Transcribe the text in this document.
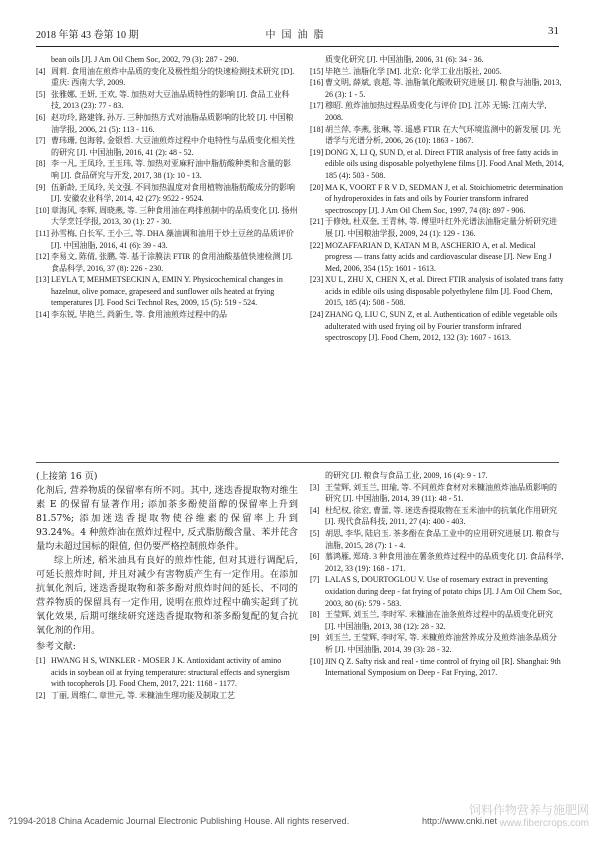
2018 年第 43 卷第 10 期	中国油脂	31
bean oils [J]. J Am Oil Chem Soc, 2002, 79 (3): 287 - 290.
[4] 周莉. 食用油在煎炸中品质的变化及极性组分的快速检测技术研究 [D]. 重庆: 西南大学, 2009.
[5] 张雅娜, 王妍, 王欢, 等. 加热对大豆油品质特性的影响 [J]. 食品工业科技, 2013 (23): 77 - 83.
[6] 赵功玲, 路建锋, 孙万. 三种加热方式对油脂品质影响的比较 [J]. 中国粮油学报, 2006, 21 (5): 113 - 116.
[7] 曹玮珊, 包海蓉, 金银哲. 大豆油煎炸过程中介电特性与品质变化相关性的研究 [J]. 中国油脂, 2016, 41 (2): 48 - 52.
[8] 李一凡, 王凤玲, 王玉玮, 等. 加热对亚麻籽油中脂肪酸种类和含量的影响 [J]. 食品研究与开发, 2017, 38 (1): 10 - 13.
[9] 伍新龄, 王凤玲, 关文强. 不同加热温度对食用植物油脂肪酸成分的影响 [J]. 安徽农业科学, 2014, 42 (27): 9522 - 9524.
[10] 章海风, 李辉, 周晓燕, 等. 三种食用油在鸡排煎制中的品质变化 [J]. 扬州大学烹饪学报, 2013, 30 (1): 27 - 30.
[11] 孙雪梅, 白长军, 王小三, 等. DHA 藻油调和油用于炒土豆丝的品质评价 [J]. 中国油脂, 2016, 41 (6): 39 - 43.
[12] 李易文, 陈倩, 张鹏, 等. 基于涂膜法 FTIR 的食用油酸基值快速检测 [J]. 食品科学, 2016, 37 (8): 226 - 230.
[13] LEYLA T, MEHMETSECKIN A, EMIN Y. Physicochemical changes in hazelnut, olive pomace, grapeseed and sunflower oils heated at frying temperatures [J]. Food Sci Technol Res, 2009, 15 (5): 519 - 524.
[14] 李东锐, 毕艳兰, 尚新生, 等. 食用油煎炸过程中的品
质变化研究 [J]. 中国油脂, 2006, 31 (6): 34 - 36.
[15] 毕艳兰. 油脂化学 [M]. 北京: 化学工业出版社, 2005.
[16] 曹文明, 薛斌, 袁超, 等. 油脂氧化酸败研究进展 [J]. 粮食与油脂, 2013, 26 (3): 1 - 5.
[17] 穆昭. 煎炸油加热过程品质变化与评价 [D]. 江苏 无锡: 江南大学, 2008.
[18] 胡兰萍, 李燕, 张琳, 等. 遥感 FTIR 在大气环境监测中的新发展 [J]. 光谱学与光谱分析, 2006, 26 (10): 1863 - 1867.
[19] DONG X, LI Q, SUN D, et al. Direct FTIR analysis of free fatty acids in edible oils using disposable polyethylene films [J]. Food Anal Meth, 2014, 185 (4): 503 - 508.
[20] MA K, VOORT F R V D, SEDMAN J, et al. Stoichiometric determination of hydroperoxides in fats and oils by Fourier transform infrared spectroscopy [J]. J Am Oil Chem Soc, 1997, 74 (8): 897 - 906.
[21] 于修烛, 杜双奎, 王青林, 等. 傅里叶红外光谱法油脂定量分析研究进展 [J]. 中国粮油学报, 2009, 24 (1): 129 - 136.
[22] MOZAFFARIAN D, KATAN M B, ASCHERIO A, et al. Medical progress — trans fatty acids and cardiovascular disease [J]. New Eng J Med, 2006, 354 (15): 1601 - 1613.
[23] XU L, ZHU X, CHEN X, et al. Direct FTIR analysis of isolated trans fatty acids in edible oils using disposable polyethylene film [J]. Food Chem, 2015, 185 (4): 508 - 508.
[24] ZHANG Q, LIU C, SUN Z, et al. Authentication of edible vegetable oils adulterated with used frying oil by Fourier transform infrared spectroscopy [J]. Food Chem, 2012, 132 (3): 1607 - 1613.

(上接第 16 页)

化剂后, 营养物质的保留率有所不同。其中, 迷迭香提取物对维生素 E 的保留有显著作用; 添加茶多酚使甾醇的保留率上升到 81.57%; 添加迷迭香提取物使谷维素的保留率上升到 93.24%。4 种煎炸油在煎炸过程中, 反式脂肪酸含量、苯并芘含量均未超过国标的限值, 但仍要严格控制煎炸条件。

综上所述, 稻米油具有良好的煎炸性能, 但对其进行调配后, 可延长煎炸时间, 并且对减少有害物质产生有一定作用。在添加抗氧化剂后, 迷迭香提取物和茶多酚对煎炸时间的延长、不同的营养物质的保留具有一定作用, 说明在煎炸过程中确实起到了抗氧化效果, 后期可继续研究迷迭香提取物和茶多酚复配的复合抗氧化剂的作用。

参考文献:

[1] HWANG H S, WINKLER - MOSER J K. Antioxidant activity of amino acids in soybean oil at frying temperature: structural effects and synergism with tocopherols [J]. Food Chem, 2017, 221: 1168 - 1177.
[2] 丁丽, 周维仁, 章世元, 等. 米糠油生理功能及制取工艺
的研究 [J]. 粮食与食品工业, 2009, 16 (4): 9 - 17.
[3] 王莹辉, 刘玉兰, 田瑜, 等. 不同煎炸食材对米糠油煎炸油品质影响的研究 [J]. 中国油脂, 2014, 39 (11): 48 - 51.
[4] 杜纪权, 徐宏, 曹蕾, 等. 迷迭香提取物在玉米油中的抗氧化作用研究 [J]. 现代食品科技, 2011, 27 (4): 400 - 403.
[5] 胡思, 李华, 陆启玉. 茶多酚在食品工业中的应用研究进展 [J]. 粮食与油脂, 2015, 28 (7): 1 - 4.
[6] 慕鸿雁, 郑琦. 3 种食用油在薯条煎炸过程中的品质变化 [J]. 食品科学, 2012, 33 (19): 168 - 171.
[7] LALAS S, DOURTOGLOU V. Use of rosemary extract in preventing oxidation during deep - fat frying of potato chips [J]. J Am Oil Chem Soc, 2003, 80 (6): 579 - 583.
[8] 王莹辉, 刘玉兰, 李时军. 米糠油在油条煎炸过程中的品质变化研究 [J]. 中国油脂, 2013, 38 (12): 28 - 32.
[9] 刘玉兰, 王莹辉, 李时军, 等. 米糠煎炸油营养成分及煎炸油条品质分析 [J]. 中国油脂, 2014, 39 (3): 28 - 32.
[10] JIN Q Z. Safty risk and real - time control of frying oil [R]. Shanghai: 9th International Symposium on Deep - Fat Frying, 2017.
?1994-2018 China Academic Journal Electronic Publishing House. All rights reserved.	http://www.cnki.net
饲料作物营养与施肥网
www.fibercrops.com
